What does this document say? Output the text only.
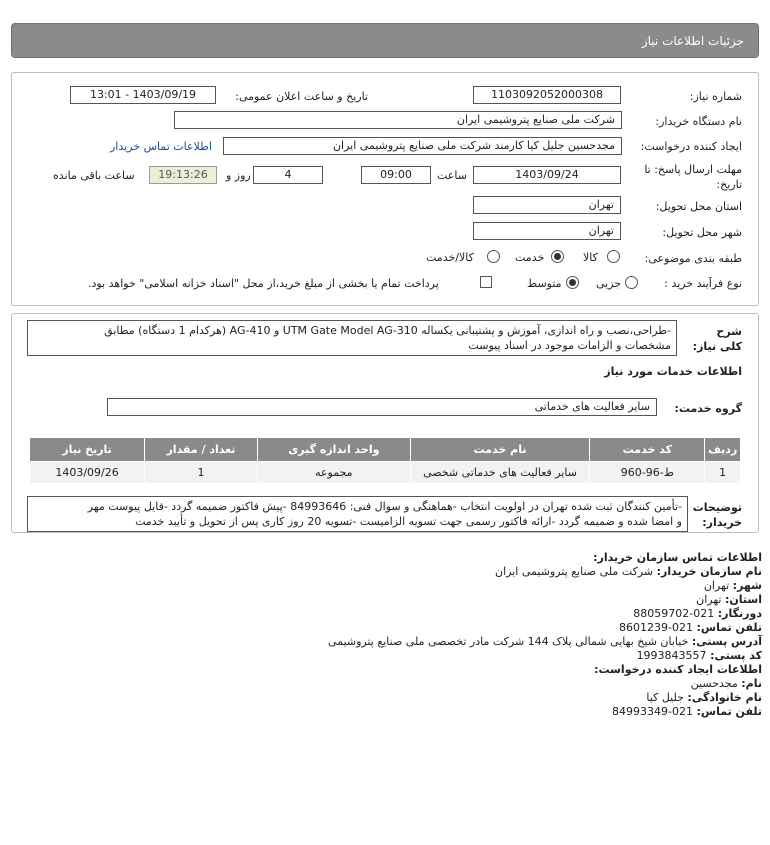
جزئیات اطلاعات نیاز
شماره نیاز:
1103092052000308
تاریخ و ساعت اعلان عمومی:
1403/09/19 - 13:01
نام دستگاه خریدار:
شرکت ملی صنایع پتروشیمی ایران
ایجاد کننده درخواست:
مجدحسین جلیل کیا کارمند شرکت ملی صنایع پتروشیمی ایران
اطلاعات تماس خریدار
مهلت ارسال پاسخ: تا
تاریخ:
1403/09/24
ساعت
09:00
4
روز و
19:13:26
ساعت باقی مانده
استان محل تحویل:
تهران
شهر محل تحویل:
تهران
طبقه بندی موضوعی:
کالا
خدمت
کالا/خدمت
نوع فرآیند خرید :
جزیی
متوسط
پرداخت تمام یا بخشی از مبلغ خرید،از محل "اسناد خزانه اسلامی" خواهد بود.
شرح کلی نیاز:
-طراحی،نصب و راه اندازی، آموزش و پشتیبانی یکساله UTM Gate Model AG-310 و AG-410 (هرکدام 1 دستگاه) مطابق
مشخصات و الزامات موجود در اسناد پیوست
اطلاعات خدمات مورد نیاز
گروه خدمت:
سایر فعالیت های خدماتی
ردیف	کد خدمت	نام خدمت	واحد اندازه گیری	تعداد / مقدار	تاریخ نیاز
1	ط-96-960	سایر فعالیت های خدماتی شخصی	مجموعه	1	1403/09/26
توضیحات
خریدار:
-تأمین کنندگان ثبت شده تهران در اولویت انتخاب -هماهنگی و سوال فنی: 84993646 -پیش فاکتور ضمیمه گردد -فایل پیوست مهر
و امضا شده و ضمیمه گردد -ارائه فاکتور رسمی جهت تسویه الزامیست -تسویه 20 روز کاری پس از تحویل و تأیید خدمت
اطلاعات تماس سازمان خریدار:
نام سازمان خریدار: شرکت ملی صنایع پتروشیمی ایران
شهر: تهران
استان: تهران
دورنگار: 021-88059702
تلفن تماس: 021-8601239
آدرس پستی: خیابان شیخ بهایی شمالی پلاک 144 شرکت مادر تخصصی ملی صنایع پتروشیمی
کد پستی: 1993843557
اطلاعات ایجاد کننده درخواست:
نام: مجدحسین
نام خانوادگی: جلیل کیا
تلفن تماس: 021-84993349
